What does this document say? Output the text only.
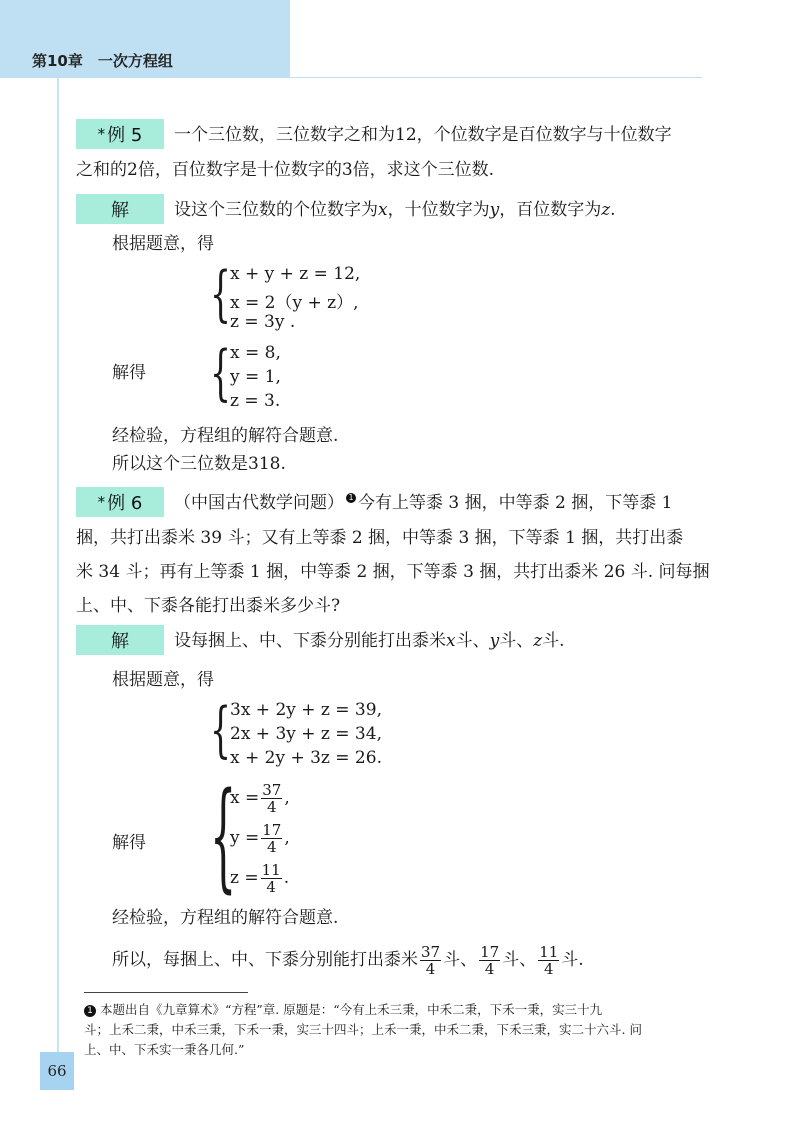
第10章　一次方程组
* 例 5 一个三位数，三位数字之和为12，个位数字是百位数字与十位数字

之和的2倍，百位数字是十位数字的3倍，求这个三位数.

解	设这个三位数的个位数字为x，十位数字为y，百位数字为z.

根据题意，得

{
x + y + z = 12,
x = 2（y + z）,
z = 3y .

解得 {
x = 8,
y = 1,
z = 3.

经检验，方程组的解符合题意.

所以这个三位数是318.

* 例 6 （中国古代数学问题） 1 今有上等黍 3 捆，中等黍 2 捆，下等黍 1

捆，共打出黍米 39 斗；又有上等黍 2 捆，中等黍 3 捆，下等黍 1 捆，共打出黍

米 34 斗；再有上等黍 1 捆，中等黍 2 捆，下等黍 3 捆，共打出黍米 26 斗. 问每捆

上、中、下黍各能打出黍米多少斗?

解	设每捆上、中、下黍分别能打出黍米x斗、y斗、z斗.

根据题意，得

{
3x + 2y + z = 39,
2x + 3y + z = 34,
x + 2y + 3z = 26.

解得 {
$x = \frac{37}{4}$ ,
$y = \frac{17}{4}$ ,
$z = \frac{11}{4}$ .

经检验，方程组的解符合题意.

所以，每捆上、中、下黍分别能打出黍米 $\frac{37}{4}$ 斗、 $\frac{17}{4}$ 斗、 $\frac{11}{4}$ 斗.

1 本题出自《九章算术》“方程”章. 原题是：“今有上禾三秉，中禾二秉，下禾一秉，实三十九
斗；上禾二秉，中禾三秉，下禾一秉，实三十四斗；上禾一秉，中禾二秉，下禾三秉，实二十六斗. 问
上、中、下禾实一秉各几何.”

66
